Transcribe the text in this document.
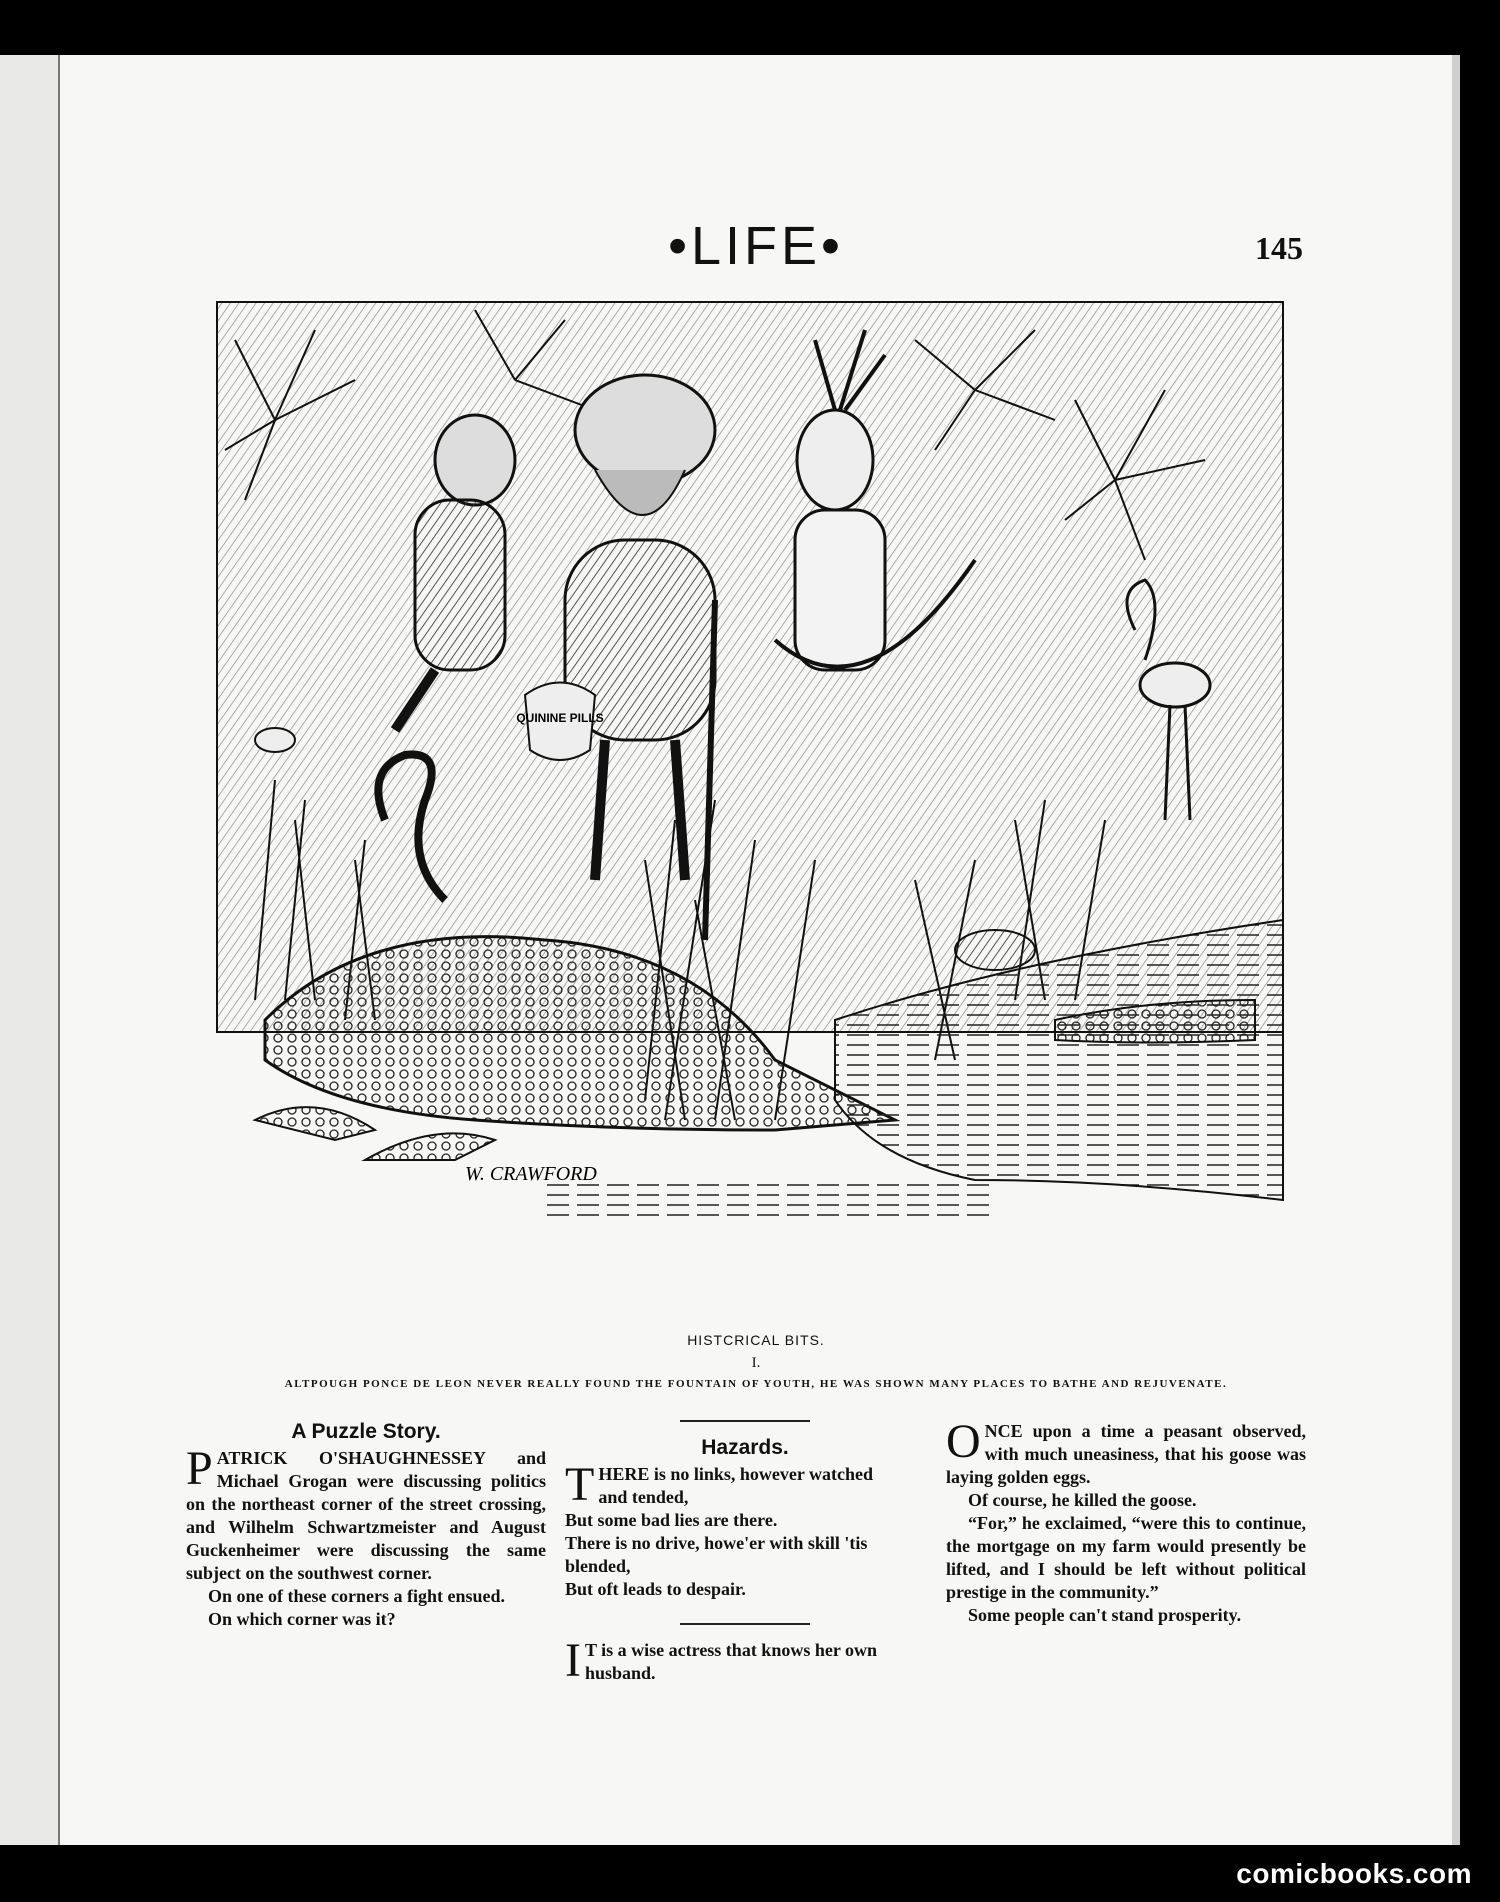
•LIFE•	145
QUININE PILLS
W. CRAWFORD
HISTCRICAL BITS.
I.
ALTPOUGH PONCE DE LEON NEVER REALLY FOUND THE FOUNTAIN OF YOUTH, HE WAS SHOWN MANY PLACES TO BATHE AND REJUVENATE.
A Puzzle Story.

PATRICK O'SHAUGHNESSEY and Michael Grogan were discussing politics on the northeast corner of the street crossing, and Wilhelm Schwartzmeister and August Guckenheimer were discussing the same subject on the southwest corner.

On one of these corners a fight ensued.

On which corner was it?

Hazards.

THERE is no links, however watched

and tended,

But some bad lies are there.

There is no drive, howe'er with skill 'tis

blended,

But oft leads to despair.

I T is a wise actress that knows her own husband.

ONCE upon a time a peasant observed, with much uneasiness, that his goose was laying golden eggs.

Of course, he killed the goose.

“For,” he exclaimed, “were this to continue, the mortgage on my farm would presently be lifted, and I should be left without political prestige in the community.”

Some people can't stand prosperity.

comicbooks.com
